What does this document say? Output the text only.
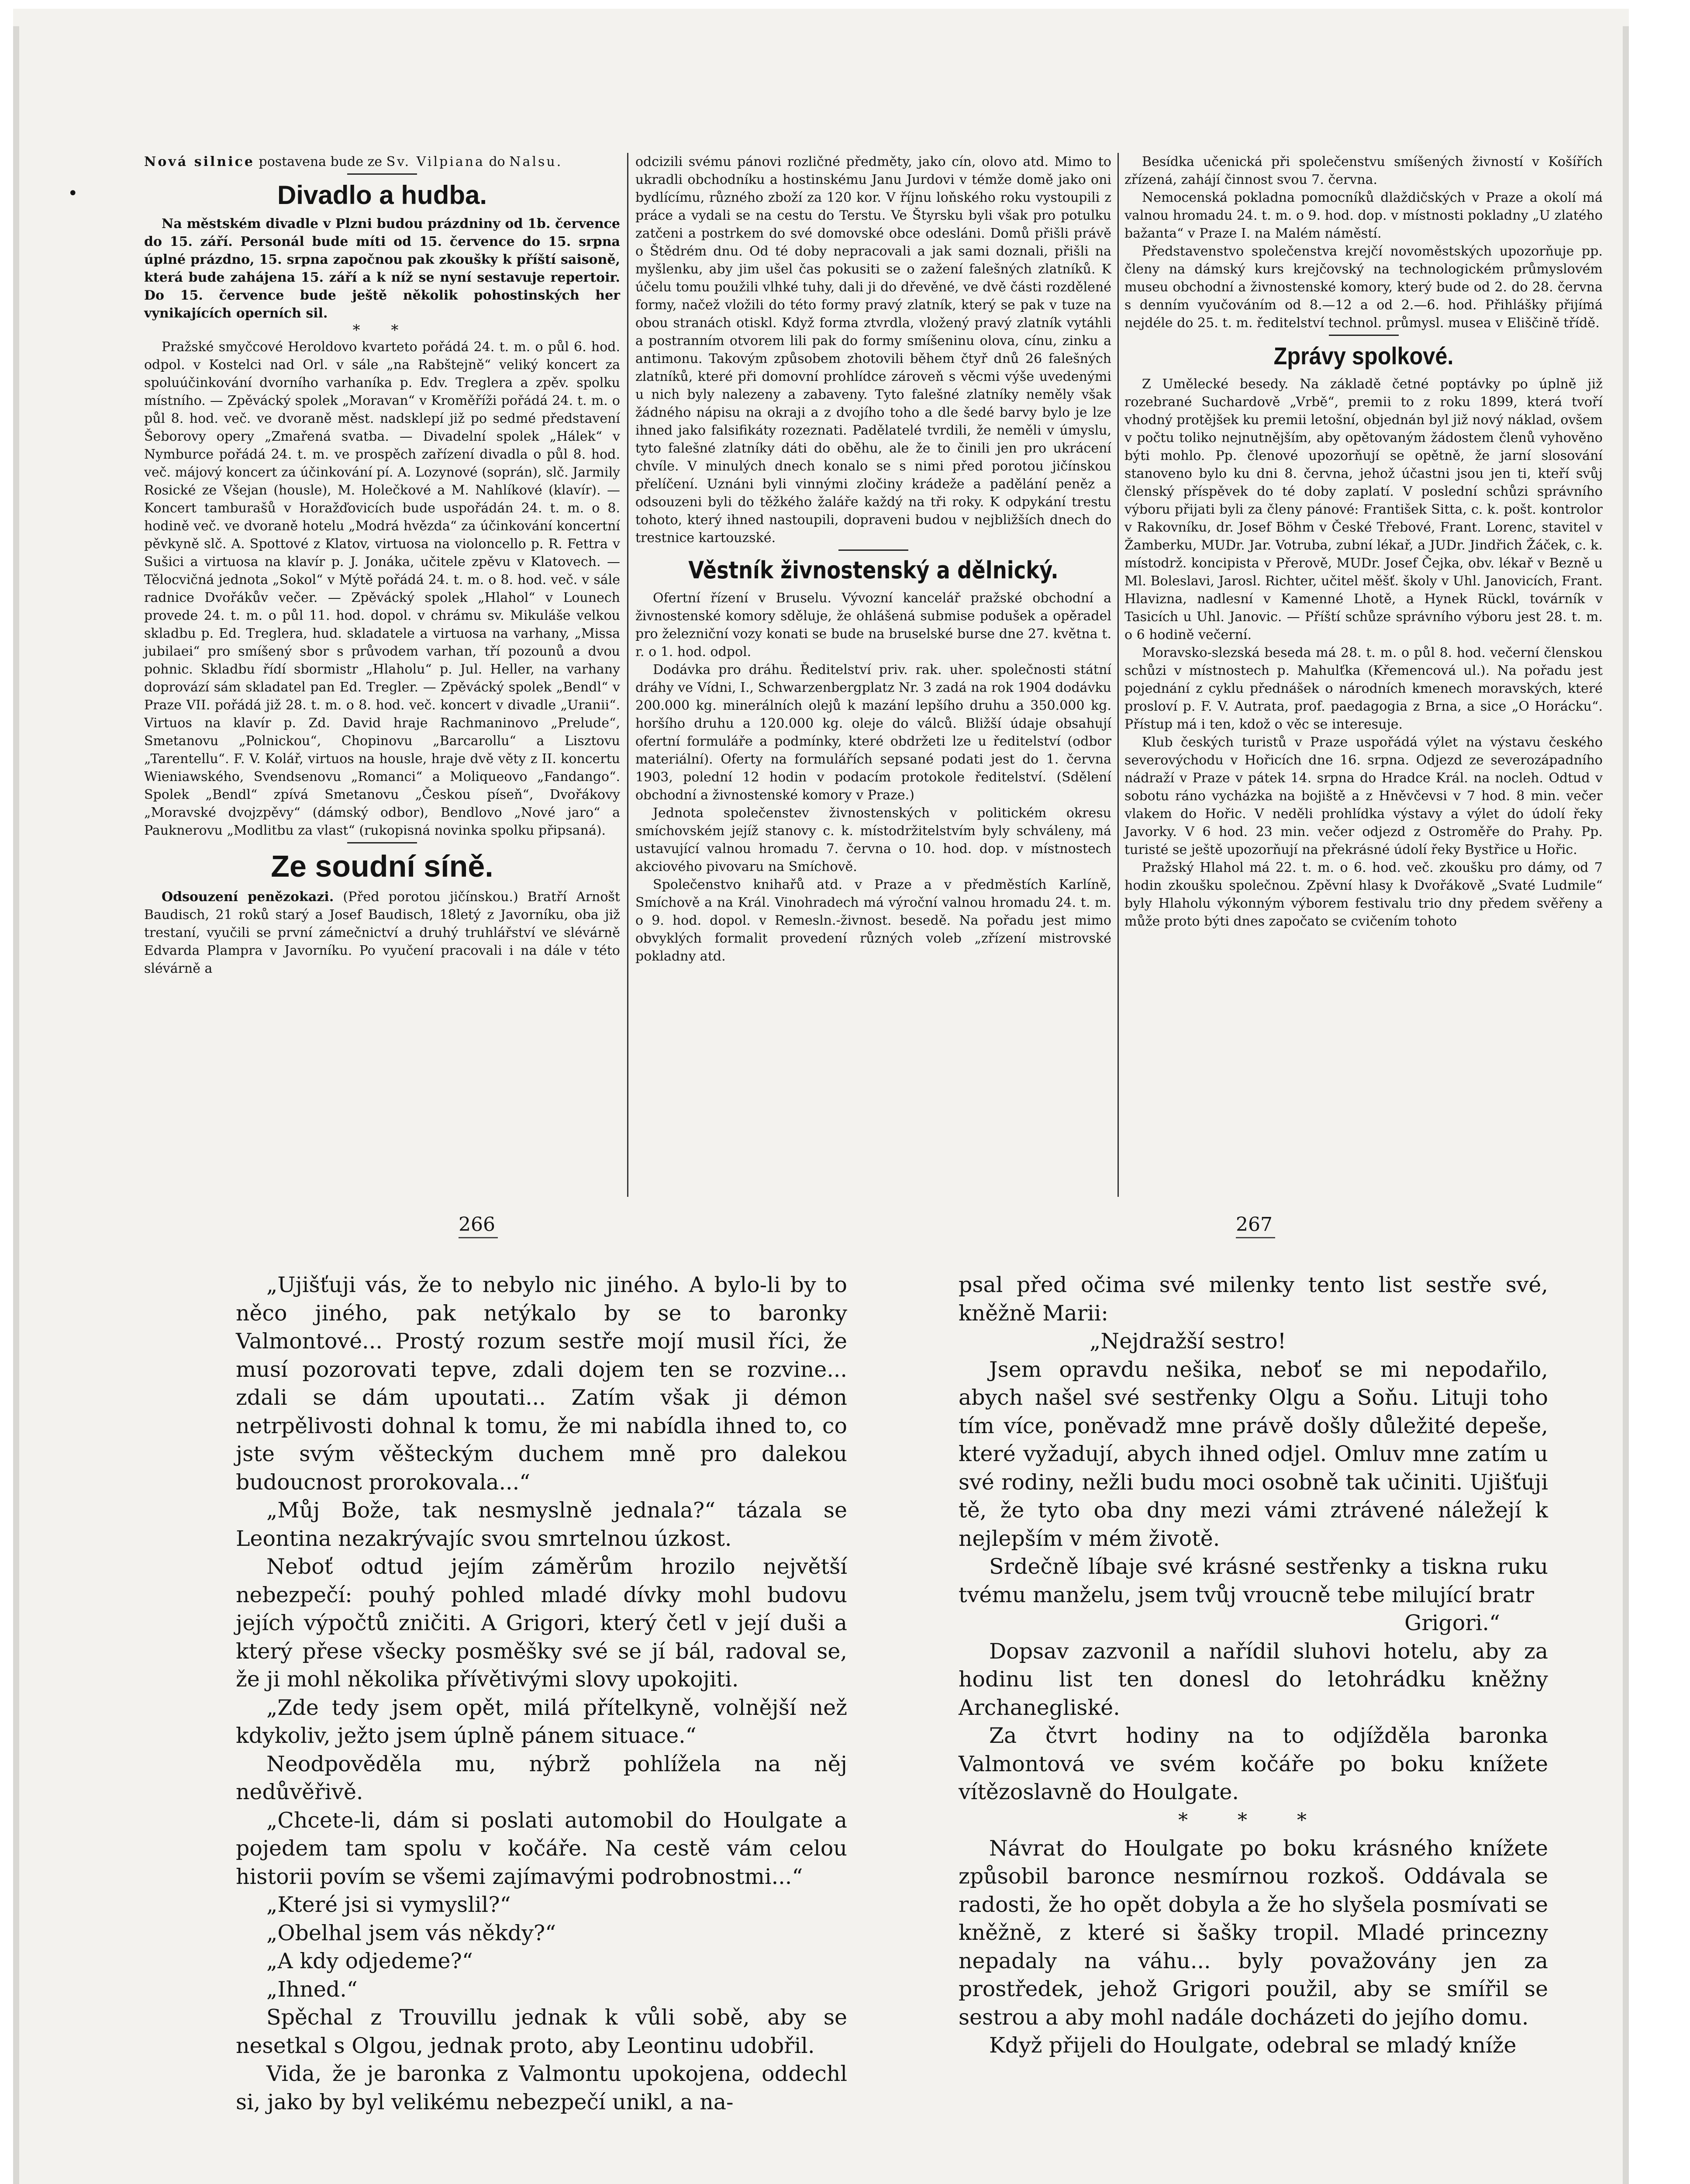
•

Nová silnice postavena bude ze Sv. Vilpiana do Nalsu.

Divadlo a hudba.

Na městském divadle v Plzni budou prázdniny od 1b. července do 15. září. Personál bude míti od 15. července do 15. srpna úplné prázdno, 15. srpna započnou pak zkoušky k příští saisoně, která bude zahájena 15. září a k níž se nyní sestavuje repertoir. Do 15. července bude ještě několik pohostinských her vynikajících operních sil.

* *

Pražské smyčcové Heroldovo kvarteto pořádá 24. t. m. o půl 6. hod. odpol. v Kostelci nad Orl. v sále „na Rabštejně“ veliký koncert za spoluúčinkování dvorního varhaníka p. Edv. Treglera a zpěv. spolku místního. — Zpěvácký spolek „Moravan“ v Kroměříži pořádá 24. t. m. o půl 8. hod. več. ve dvoraně měst. nadsklepí již po sedmé představení Šeborovy opery „Zmařená svatba. — Divadelní spolek „Hálek“ v Nymburce pořádá 24. t. m. ve prospěch zařízení divadla o půl 8. hod. več. májový koncert za účinkování pí. A. Lozynové (soprán), slč. Jarmily Rosické ze Všejan (housle), M. Holečkové a M. Nahlíkové (klavír). — Koncert tamburašů v Horažďovicích bude uspořádán 24. t. m. o 8. hodině več. ve dvoraně hotelu „Modrá hvězda“ za účinkování koncertní pěvkyně slč. A. Spottové z Klatov, virtuosa na violoncello p. R. Fettra v Sušici a virtuosa na klavír p. J. Jonáka, učitele zpěvu v Klatovech. — Tělocvičná jednota „Sokol“ v Mýtě pořádá 24. t. m. o 8. hod. več. v sále radnice Dvořákův večer. — Zpěvácký spolek „Hlahol“ v Lounech provede 24. t. m. o půl 11. hod. dopol. v chrámu sv. Mikuláše velkou skladbu p. Ed. Treglera, hud. skladatele a virtuosa na varhany, „Missa jubilaei“ pro smíšený sbor s průvodem varhan, tří pozounů a dvou pohnic. Skladbu řídí sbormistr „Hlaholu“ p. Jul. Heller, na varhany doprovází sám skladatel pan Ed. Tregler. — Zpěvácký spolek „Bendl“ v Praze VII. pořádá již 28. t. m. o 8. hod. več. koncert v divadle „Uranii“. Virtuos na klavír p. Zd. David hraje Rachmaninovo „Prelude“, Smetanovu „Polnickou“, Chopinovu „Barcarollu“ a Lisztovu „Tarentellu“. F. V. Kolář, virtuos na housle, hraje dvě věty z II. koncertu Wieniawského, Svendsenovu „Romanci“ a Moliqueovo „Fandango“. Spolek „Bendl“ zpívá Smetanovu „Českou píseň“, Dvořákovy „Moravské dvojzpěvy“ (dámský odbor), Bendlovo „Nové jaro“ a Pauknerovu „Modlitbu za vlast“ (rukopisná novinka spolku připsaná).

Ze soudní síně.

Odsouzení penězokazi. (Před porotou jičínskou.) Bratří Arnošt Baudisch, 21 roků starý a Josef Baudisch, 18letý z Javorníku, oba již trestaní, vyučili se první zámečnictví a druhý truhlářství ve slévárně Edvarda Plampra v Javorníku. Po vyučení pracovali i na dále v této slévárně a

odcizili svému pánovi rozličné předměty, jako cín, olovo atd. Mimo to ukradli obchodníku a hostinskému Janu Jurdovi v témže domě jako oni bydlícímu, různého zboží za 120 kor. V říjnu loňského roku vystoupili z práce a vydali se na cestu do Terstu. Ve Štyrsku byli však pro potulku zatčeni a postrkem do své domovské obce odesláni. Domů přišli právě o Štědrém dnu. Od té doby nepracovali a jak sami doznali, přišli na myšlenku, aby jim ušel čas pokusiti se o zažení falešných zlatníků. K účelu tomu použili vlhké tuhy, dali ji do dřevěné, ve dvě části rozdělené formy, načež vložili do této formy pravý zlatník, který se pak v tuze na obou stranách otiskl. Když forma ztvrdla, vložený pravý zlatník vytáhli a postranním otvorem lili pak do formy smíšeninu olova, cínu, zinku a antimonu. Takovým způsobem zhotovili během čtyř dnů 26 falešných zlatníků, které při domovní prohlídce zároveň s věcmi výše uvedenými u nich byly nalezeny a zabaveny. Tyto falešné zlatníky neměly však žádného nápisu na okraji a z dvojího toho a dle šedé barvy bylo je lze ihned jako falsifikáty rozeznati. Padělatelé tvrdili, že neměli v úmyslu, tyto falešné zlatníky dáti do oběhu, ale že to činili jen pro ukrácení chvíle. V minulých dnech konalo se s nimi před porotou jičínskou přelíčení. Uznáni byli vinnými zločiny krádeže a padělání peněz a odsouzeni byli do těžkého žaláře každý na tři roky. K odpykání trestu tohoto, který ihned nastoupili, dopraveni budou v nejbližších dnech do trestnice kartouzské.

Věstník živnostenský a dělnický.

Ofertní řízení v Bruselu. Vývozní kancelář pražské obchodní a živnostenské komory sděluje, že ohlášená submise podušek a opěradel pro železniční vozy konati se bude na bruselské burse dne 27. května t. r. o 1. hod. odpol.

Dodávka pro dráhu. Ředitelství priv. rak. uher. společnosti státní dráhy ve Vídni, I., Schwarzenbergplatz Nr. 3 zadá na rok 1904 dodávku 200.000 kg. minerálních olejů k mazání lepšího druhu a 350.000 kg. horšího druhu a 120.000 kg. oleje do válců. Bližší údaje obsahují ofertní formuláře a podmínky, které obdržeti lze u ředitelství (odbor materiální). Oferty na formulářích sepsané podati jest do 1. června 1903, polední 12 hodin v podacím protokole ředitelství. (Sdělení obchodní a živnostenské komory v Praze.)

Jednota společenstev živnostenských v politickém okresu smíchovském jejíž stanovy c. k. místodržitelstvím byly schváleny, má ustavující valnou hromadu 7. června o 10. hod. dop. v místnostech akciového pivovaru na Smíchově.

Společenstvo knihařů atd. v Praze a v předměstích Karlíně, Smíchově a na Král. Vinohradech má výroční valnou hromadu 24. t. m. o 9. hod. dopol. v Remesln.-živnost. besedě. Na pořadu jest mimo obvyklých formalit provedení různých voleb „zřízení mistrovské pokladny atd.

Besídka učenická při společenstvu smíšených živností v Košířích zřízená, zahájí činnost svou 7. června.

Nemocenská pokladna pomocníků dlaždičských v Praze a okolí má valnou hromadu 24. t. m. o 9. hod. dop. v místnosti pokladny „U zlatého bažanta“ v Praze I. na Malém náměstí.

Představenstvo společenstva krejčí novoměstských upozorňuje pp. členy na dámský kurs krejčovský na technologickém průmyslovém museu obchodní a živnostenské komory, který bude od 2. do 28. června s denním vyučováním od 8.—12 a od 2.—6. hod. Přihlášky přijímá nejdéle do 25. t. m. ředitelství technol. průmysl. musea v Eliščině třídě.

Zprávy spolkové.

Z Umělecké besedy. Na základě četné poptávky po úplně již rozebrané Suchardově „Vrbě“, premii to z roku 1899, která tvoří vhodný protějšek ku premii letošní, objednán byl již nový náklad, ovšem v počtu toliko nejnutnějším, aby opětovaným žádostem členů vyhověno býti mohlo. Pp. členové upozorňují se opětně, že jarní slosování stanoveno bylo ku dni 8. června, jehož účastni jsou jen ti, kteří svůj členský příspěvek do té doby zaplatí. V poslední schůzi správního výboru přijati byli za členy pánové: František Sitta, c. k. pošt. kontrolor v Rakovníku, dr. Josef Böhm v České Třebové, Frant. Lorenc, stavitel v Žamberku, MUDr. Jar. Votruba, zubní lékař, a JUDr. Jindřich Žáček, c. k. místodrž. koncipista v Přerově, MUDr. Josef Čejka, obv. lékař v Bezně u Ml. Boleslavi, Jarosl. Richter, učitel měšť. školy v Uhl. Janovicích, Frant. Hlavizna, nadlesní v Kamenné Lhotě, a Hynek Rückl, továrník v Tasicích u Uhl. Janovic. — Příští schůze správního výboru jest 28. t. m. o 6 hodině večerní.

Moravsko-slezská beseda má 28. t. m. o půl 8. hod. večerní členskou schůzi v místnostech p. Mahulťka (Křemencová ul.). Na pořadu jest pojednání z cyklu přednášek o národních kmenech moravských, které prosloví p. F. V. Autrata, prof. paedagogia z Brna, a sice „O Horácku“. Přístup má i ten, kdož o věc se interesuje.

Klub českých turistů v Praze uspořádá výlet na výstavu českého severovýchodu v Hořicích dne 16. srpna. Odjezd ze severozápadního nádraží v Praze v pátek 14. srpna do Hradce Král. na nocleh. Odtud v sobotu ráno vycházka na bojiště a z Hněvčevsi v 7 hod. 8 min. večer vlakem do Hořic. V neděli prohlídka výstavy a výlet do údolí řeky Javorky. V 6 hod. 23 min. večer odjezd z Ostroměře do Prahy. Pp. turisté se ještě upozorňují na překrásné údolí řeky Bystřice u Hořic.

Pražský Hlahol má 22. t. m. o 6. hod. več. zkoušku pro dámy, od 7 hodin zkoušku společnou. Zpěvní hlasy k Dvořákově „Svaté Ludmile“ byly Hlaholu výkonným výborem festivalu trio dny předem svěřeny a může proto býti dnes započato se cvičením tohoto

266	267

„Ujišťuji vás, že to nebylo nic jiného. A bylo-li by to něco jiného, pak netýkalo by se to baronky Valmontové... Prostý rozum sestře mojí musil říci, že musí pozorovati tepve, zdali dojem ten se rozvine... zdali se dám upoutati... Zatím však ji démon netrpělivosti dohnal k tomu, že mi nabídla ihned to, co jste svým věšteckým duchem mně pro dalekou budoucnost prorokovala...“

„Můj Bože, tak nesmyslně jednala?“ tázala se Leontina nezakrývajíc svou smrtelnou úzkost.

Neboť odtud jejím záměrům hrozilo největší nebezpečí: pouhý pohled mladé dívky mohl budovu jejích výpočtů zničiti. A Grigori, který četl v její duši a který přese všecky posměšky své se jí bál, radoval se, že ji mohl několika přívětivými slovy upokojiti.

„Zde tedy jsem opět, milá přítelkyně, volnější než kdykoliv, ježto jsem úplně pánem situace.“

Neodpověděla mu, nýbrž pohlížela na něj nedůvěřivě.

„Chcete-li, dám si poslati automobil do Houlgate a pojedem tam spolu v kočáře. Na cestě vám celou historii povím se všemi zajímavými podrobnostmi...“

„Které jsi si vymyslil?“

„Obelhal jsem vás někdy?“

„A kdy odjedeme?“

„Ihned.“

Spěchal z Trouvillu jednak k vůli sobě, aby se nesetkal s Olgou, jednak proto, aby Leontinu udobřil.

Vida, že je baronka z Valmontu upokojena, oddechl si, jako by byl velikému nebezpečí unikl, a na-

psal před očima své milenky tento list sestře své, kněžně Marii:

„Nejdražší sestro!

Jsem opravdu nešika, neboť se mi nepodařilo, abych našel své sestřenky Olgu a Soňu. Lituji toho tím více, poněvadž mne právě došly důležité depeše, které vyžadují, abych ihned odjel. Omluv mne zatím u své rodiny, nežli budu moci osobně tak učiniti. Ujišťuji tě, že tyto oba dny mezi vámi ztrávené náležejí k nejlepším v mém životě.

Srdečně líbaje své krásné sestřenky a tiskna ruku tvému manželu, jsem tvůj vroucně tebe milující bratr

Grigori.“

Dopsav zazvonil a nařídil sluhovi hotelu, aby za hodinu list ten donesl do letohrádku kněžny Archanegliské.

Za čtvrt hodiny na to odjížděla baronka Valmontová ve svém kočáře po boku knížete vítězoslavně do Houlgate.

* * *

Návrat do Houlgate po boku krásného knížete způsobil baronce nesmírnou rozkoš. Oddávala se radosti, že ho opět dobyla a že ho slyšela posmívati se kněžně, z které si šašky tropil. Mladé princezny nepadaly na váhu... byly považovány jen za prostředek, jehož Grigori použil, aby se smířil se sestrou a aby mohl nadále docházeti do jejího domu.

Když přijeli do Houlgate, odebral se mladý kníže
